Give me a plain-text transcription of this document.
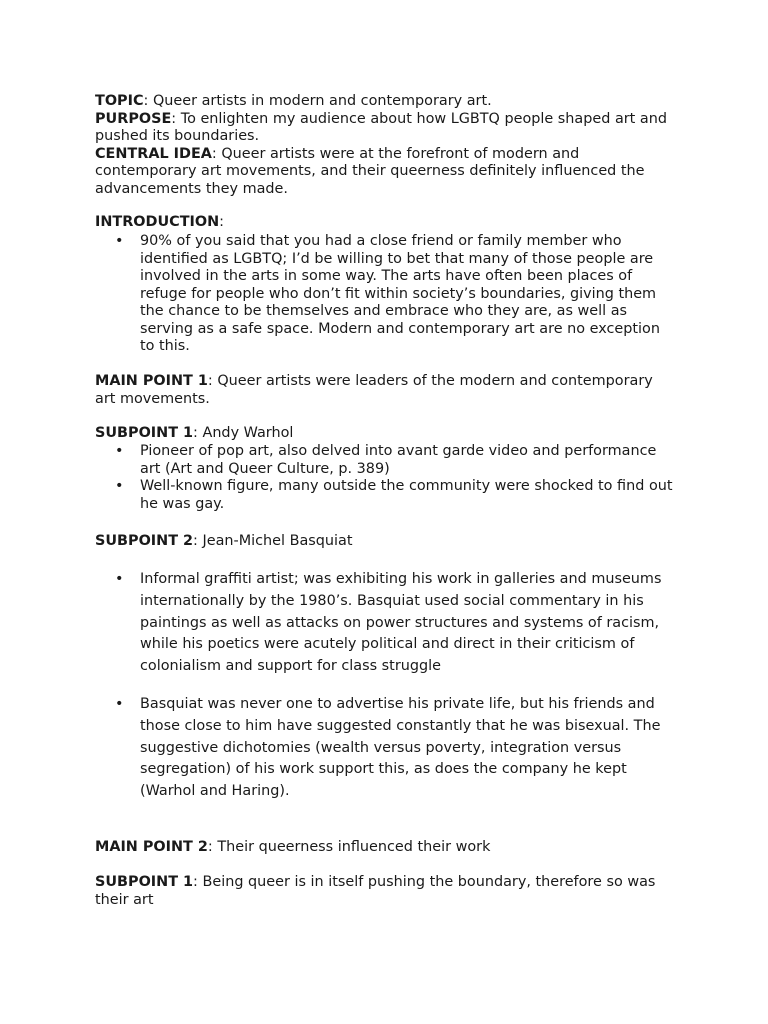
TOPIC: Queer artists in modern and contemporary art.
PURPOSE: To enlighten my audience about how LGBTQ people shaped art and pushed its boundaries.
CENTRAL IDEA: Queer artists were at the forefront of modern and contemporary art movements, and their queerness definitely influenced the advancements they made.
INTRODUCTION:
• 90% of you said that you had a close friend or family member who identified as LGBTQ; I’d be willing to bet that many of those people are involved in the arts in some way. The arts have often been places of refuge for people who don’t fit within society’s boundaries, giving them the chance to be themselves and embrace who they are, as well as serving as a safe space. Modern and contemporary art are no exception to this.
MAIN POINT 1: Queer artists were leaders of the modern and contemporary art movements.
SUBPOINT 1: Andy Warhol
• Pioneer of pop art, also delved into avant garde video and performance art (Art and Queer Culture, p. 389)
• Well-known figure, many outside the community were shocked to find out he was gay.
SUBPOINT 2: Jean-Michel Basquiat
• Informal graffiti artist; was exhibiting his work in galleries and museums internationally by the 1980’s. Basquiat used social commentary in his paintings as well as attacks on power structures and systems of racism, while his poetics were acutely political and direct in their criticism of colonialism and support for class struggle
• Basquiat was never one to advertise his private life, but his friends and those close to him have suggested constantly that he was bisexual. The suggestive dichotomies (wealth versus poverty, integration versus segregation) of his work support this, as does the company he kept (Warhol and Haring).
MAIN POINT 2: Their queerness influenced their work
SUBPOINT 1: Being queer is in itself pushing the boundary, therefore so was their art
